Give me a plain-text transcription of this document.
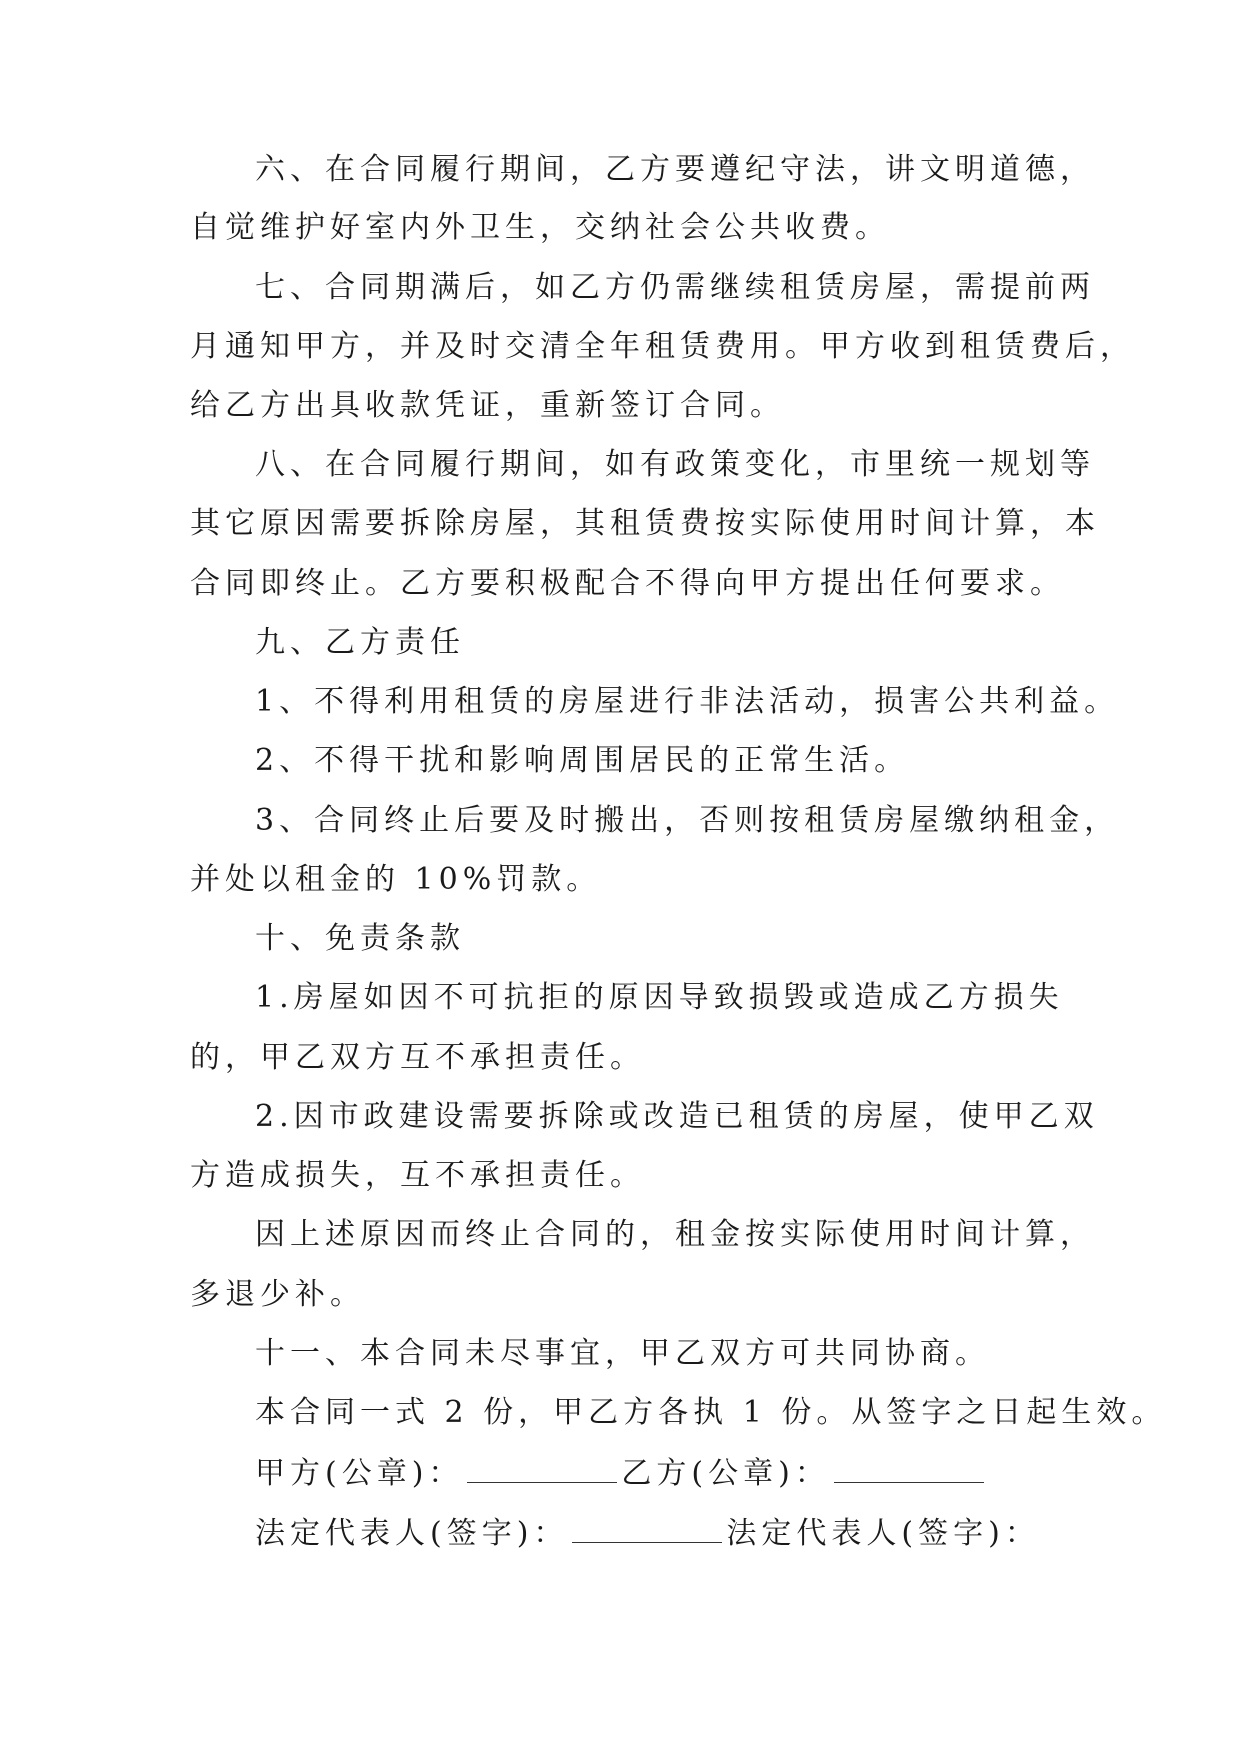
六、在合同履行期间，乙方要遵纪守法，讲文明道德，
自觉维护好室内外卫生，交纳社会公共收费。
七、合同期满后，如乙方仍需继续租赁房屋，需提前两
月通知甲方，并及时交清全年租赁费用。甲方收到租赁费后，
给乙方出具收款凭证，重新签订合同。
八、在合同履行期间，如有政策变化，市里统一规划等
其它原因需要拆除房屋，其租赁费按实际使用时间计算，本
合同即终止。乙方要积极配合不得向甲方提出任何要求。
九、乙方责任
1、不得利用租赁的房屋进行非法活动，损害公共利益。
2、不得干扰和影响周围居民的正常生活。
3、合同终止后要及时搬出，否则按租赁房屋缴纳租金，
并处以租金的 10%罚款。
十、免责条款
1.房屋如因不可抗拒的原因导致损毁或造成乙方损失
的，甲乙双方互不承担责任。
2.因市政建设需要拆除或改造已租赁的房屋，使甲乙双
方造成损失，互不承担责任。
因上述原因而终止合同的，租金按实际使用时间计算，
多退少补。
十一、本合同未尽事宜，甲乙双方可共同协商。
本合同一式 2 份，甲乙方各执 1 份。从签字之日起生效。
甲方(公章)：	乙方(公章)：
法定代表人(签字)：	法定代表人(签字)：
